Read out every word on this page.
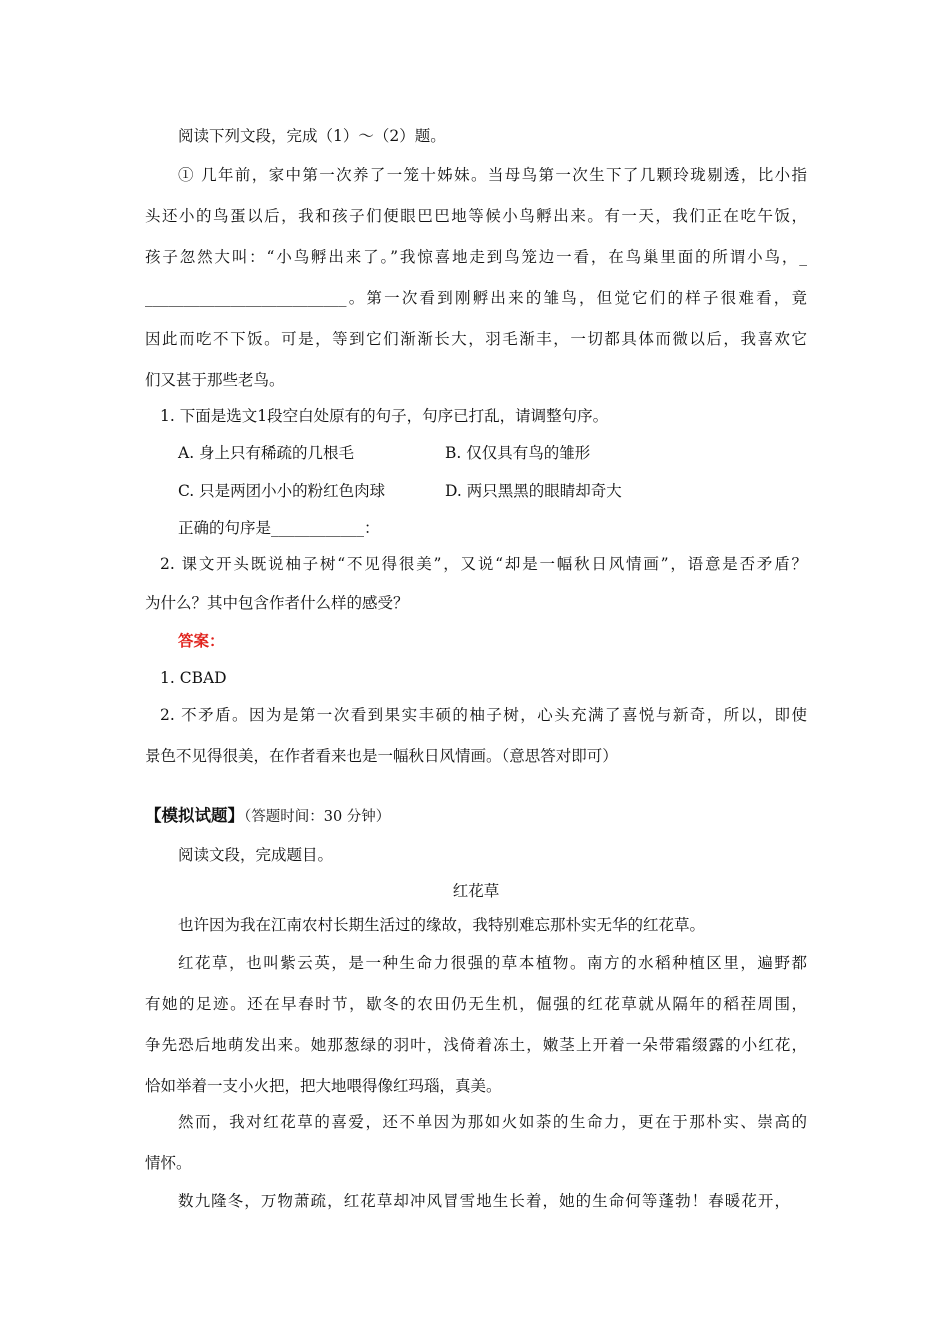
阅读下列文段，完成（1）～（2）题。
① 几年前，家中第一次养了一笼十姊妹。当母鸟第一次生下了几颗玲珑剔透，比小指
头还小的鸟蛋以后，我和孩子们便眼巴巴地等候小鸟孵出来。有一天，我们正在吃午饭，
孩子忽然大叫：“小鸟孵出来了。”我惊喜地走到鸟笼边一看，在鸟巢里面的所谓小鸟，_
__________________________。第一次看到刚孵出来的雏鸟，但觉它们的样子很难看，竟
因此而吃不下饭。可是，等到它们渐渐长大，羽毛渐丰，一切都具体而微以后，我喜欢它
们又甚于那些老鸟。
1. 下面是选文1段空白处原有的句子，句序已打乱，请调整句序。
A. 身上只有稀疏的几根毛	B. 仅仅具有鸟的雏形
C. 只是两团小小的粉红色肉球	D. 两只黑黑的眼睛却奇大
正确的句序是____________：
2. 课文开头既说柚子树“不见得很美”，又说“却是一幅秋日风情画”，语意是否矛盾？
为什么？其中包含作者什么样的感受？
答案：
1. CBAD
2. 不矛盾。因为是第一次看到果实丰硕的柚子树，心头充满了喜悦与新奇，所以，即使
景色不见得很美，在作者看来也是一幅秋日风情画。（意思答对即可）
【模拟试题】（答题时间：30 分钟）
阅读文段，完成题目。
红花草
也许因为我在江南农村长期生活过的缘故，我特别难忘那朴实无华的红花草。
红花草，也叫紫云英，是一种生命力很强的草本植物。南方的水稻种植区里，遍野都
有她的足迹。还在早春时节，歇冬的农田仍无生机，倔强的红花草就从隔年的稻茬周围，
争先恐后地萌发出来。她那葱绿的羽叶，浅倚着冻土，嫩茎上开着一朵带霜缀露的小红花，
恰如举着一支小火把，把大地喂得像红玛瑙，真美。
然而，我对红花草的喜爱，还不单因为那如火如荼的生命力，更在于那朴实、崇高的
情怀。
数九隆冬，万物萧疏，红花草却冲风冒雪地生长着，她的生命何等蓬勃！春暖花开，
